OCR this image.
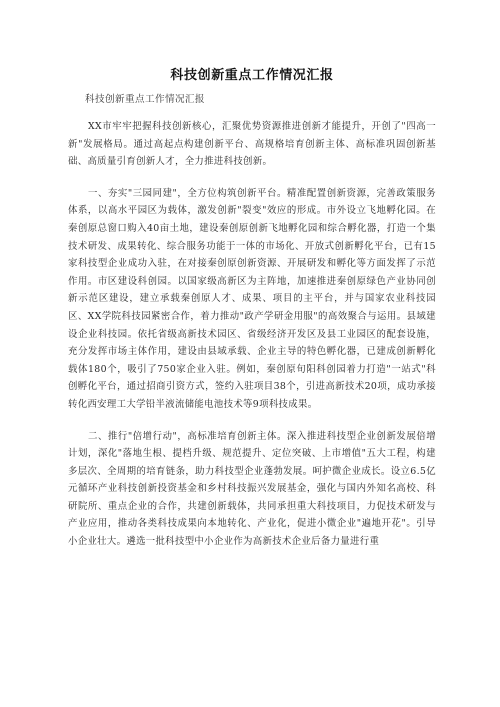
科技创新重点工作情况汇报

科技创新重点工作情况汇报

XX市牢牢把握科技创新核心，汇聚优势资源推进创新才能提升，开创了"四高一新"发展格局。通过高起点构建创新平台、高规格培育创新主体、高标准巩固创新基础、高质量引育创新人才，全力推进科技创新。

一、夯实"三园同建"，全方位构筑创新平台。精准配置创新资源，完善政策服务体系，以高水平园区为载体，激发创新"裂变"效应的形成。市外设立飞地孵化园。在秦创原总窗口购入40亩土地，建设秦创原创新飞地孵化园和综合孵化器，打造一个集技术研发、成果转化、综合服务功能于一体的市场化、开放式创新孵化平台，已有15家科技型企业成功入驻，在对接秦创原创新资源、开展研发和孵化等方面发挥了示范作用。市区建设科创园。以国家级高新区为主阵地，加速推进秦创原绿色产业协同创新示范区建设，建立承载秦创原人才、成果、项目的主平台，并与国家农业科技园区、XX学院科技园紧密合作，着力推动"政产学研金用服"的高效聚合与运用。县域建设企业科技园。依托省级高新技术园区、省级经济开发区及县工业园区的配套设施，充分发挥市场主体作用，建设由县域承载、企业主导的特色孵化器，已建成创新孵化载体180个，吸引了750家企业入驻。例如，秦创原旬阳科创园着力打造"一站式"科创孵化平台，通过招商引资方式，签约入驻项目38个，引进高新技术20项，成功承接转化西安理工大学铅半液流储能电池技术等9项科技成果。

二、推行"倍增行动"，高标准培育创新主体。深入推进科技型企业创新发展倍增计划，深化"落地生根、提档升级、规范提升、定位突破、上市增值"五大工程，构建多层次、全周期的培育链条，助力科技型企业蓬勃发展。呵护微企业成长。设立6.5亿元循环产业科技创新投资基金和乡村科技振兴发展基金，强化与国内外知名高校、科研院所、重点企业的合作，共建创新载体，共同承担重大科技项目，力促技术研发与产业应用，推动各类科技成果向本地转化、产业化，促进小微企业"遍地开花"。引导小企业壮大。遴选一批科技型中小企业作为高新技术企业后备力量进行重
